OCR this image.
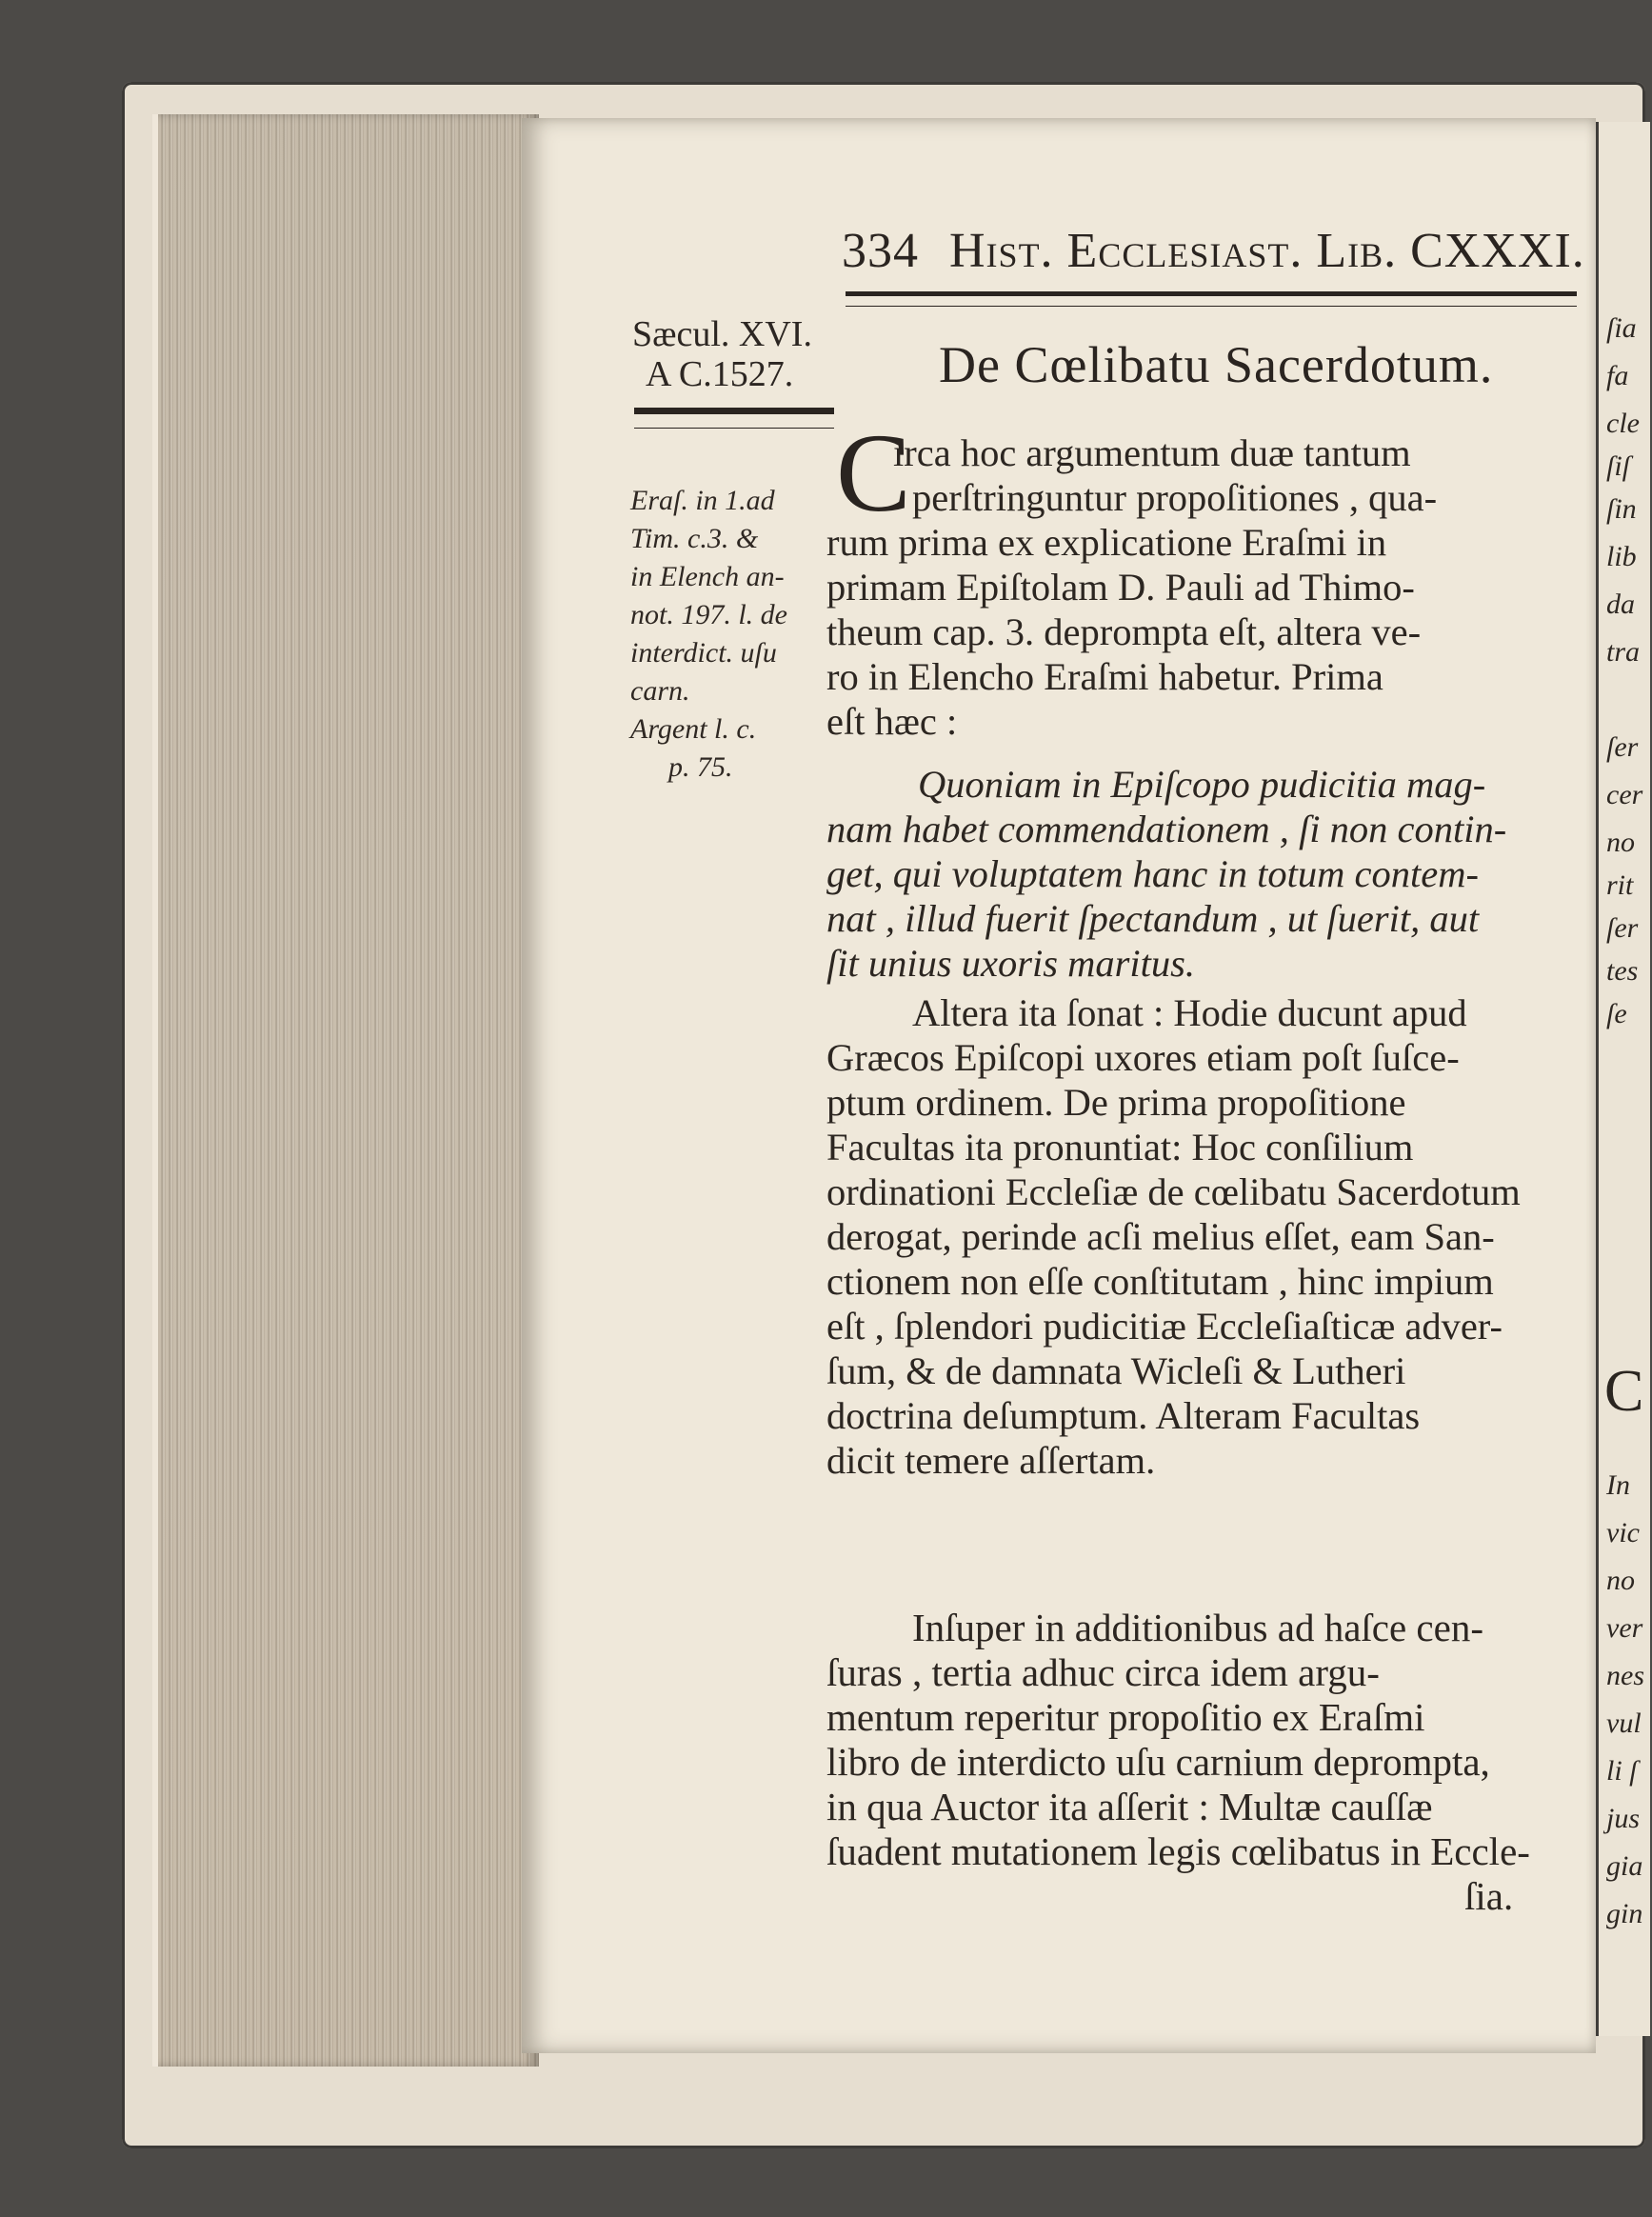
ſia
fa
cle
ſiſ
ſin
lib
da
tra
ſer
cer
no
rit
ſer
tes
ſe
C
In
vic
no
ver
nes
vul
li ſ
jus
gia
gin
334 Hist. Ecclesiast. Lib. CXXXI.
Sæcul. XVI.
A C.1527.
Eraſ. in 1.ad
Tim. c.3. &
in Elench an-
not. 197. l. de
interdict. uſu
carn.
Argent l. c.
p. 75.
De Cœlibatu Sacerdotum.
C
irca hoc argumentum duæ tantum
perſtringuntur propoſitiones , qua-
rum prima ex explicatione Eraſmi in
primam Epiſtolam D. Pauli ad Thimo-
theum cap. 3. deprompta eſt, altera ve-
ro in Elencho Eraſmi habetur. Prima
eſt hæc :
Quoniam in Epiſcopo pudicitia mag-
nam habet commendationem , ſi non contin-
get, qui voluptatem hanc in totum contem-
nat , illud fuerit ſpectandum , ut ſuerit, aut
ſit unius uxoris maritus.
Altera ita ſonat : Hodie ducunt apud
Græcos Epiſcopi uxores etiam poſt ſuſce-
ptum ordinem. De prima propoſitione
Facultas ita pronuntiat: Hoc conſilium
ordinationi Eccleſiæ de cœlibatu Sacerdotum
derogat, perinde acſi melius eſſet, eam San-
ctionem non eſſe conſtitutam , hinc impium
eſt , ſplendori pudicitiæ Eccleſiaſticæ adver-
ſum, & de damnata Wicleſi & Lutheri
doctrina deſumptum. Alteram Facultas
dicit temere aſſertam.
Inſuper in additionibus ad haſce cen-
ſuras , tertia adhuc circa idem argu-
mentum reperitur propoſitio ex Eraſmi
libro de interdicto uſu carnium deprompta,
in qua Auctor ita aſſerit : Multæ cauſſæ
ſuadent mutationem legis cœlibatus in Eccle-
ſia.
